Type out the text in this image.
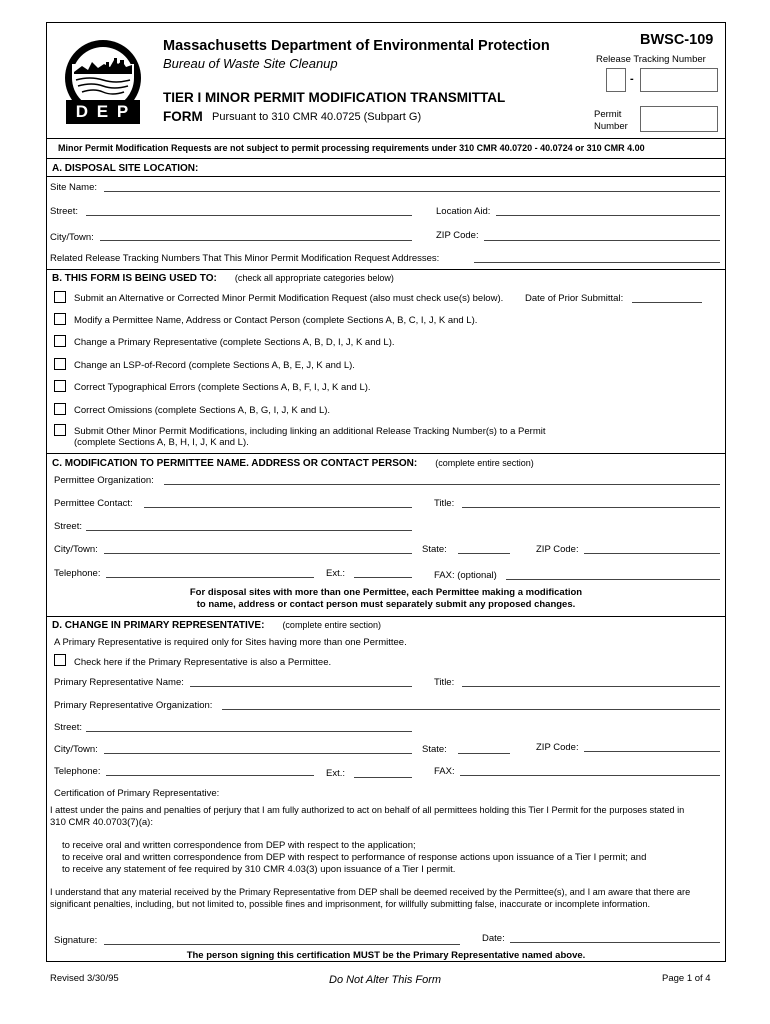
D E P
Massachusetts Department of Environmental Protection
Bureau of Waste Site Cleanup
TIER I MINOR PERMIT MODIFICATION TRANSMITTAL
FORM Pursuant to 310 CMR 40.0725 (Subpart G)
BWSC-109
Release Tracking Number
-
Permit
Number
Minor Permit Modification Requests are not subject to permit processing requirements under 310 CMR 40.0720 - 40.0724 or 310 CMR 4.00
A. DISPOSAL SITE LOCATION:
Site Name:
Street:	Location Aid:
City/Town:	ZIP Code:
Related Release Tracking Numbers That This Minor Permit Modification Request Addresses:
B. THIS FORM IS BEING USED TO: (check all appropriate categories below)
Submit an Alternative or Corrected Minor Permit Modification Request (also must check use(s) below). Date of Prior Submittal:
Modify a Permittee Name, Address or Contact Person (complete Sections A, B, C, I, J, K and L).
Change a Primary Representative (complete Sections A, B, D, I, J, K and L).
Change an LSP-of-Record (complete Sections A, B, E, J, K and L).
Correct Typographical Errors (complete Sections A, B, F, I, J, K and L).
Correct Omissions (complete Sections A, B, G, I, J, K and L).
Submit Other Minor Permit Modifications, including linking an additional Release Tracking Number(s) to a Permit
(complete Sections A, B, H, I, J, K and L).
C. MODIFICATION TO PERMITTEE NAME. ADDRESS OR CONTACT PERSON: (complete entire section)
Permittee Organization:
Permittee Contact:	Title:
Street:
City/Town:	State:	ZIP Code:
Telephone:	Ext.:	FAX: (optional)
For disposal sites with more than one Permittee, each Permittee making a modification
to name, address or contact person must separately submit any proposed changes.
D. CHANGE IN PRIMARY REPRESENTATIVE: (complete entire section)
A Primary Representative is required only for Sites having more than one Permittee.
Check here if the Primary Representative is also a Permittee.
Primary Representative Name:	Title:
Primary Representative Organization:
Street:
City/Town:	State:	ZIP Code:
Telephone:	Ext.:	FAX:
Certification of Primary Representative:
I attest under the pains and penalties of perjury that I am fully authorized to act on behalf of all permittees holding this Tier I Permit for the purposes stated in
310 CMR 40.0703(7)(a):
to receive oral and written correspondence from DEP with respect to the application;
to receive oral and written correspondence from DEP with respect to performance of response actions upon issuance of a Tier I permit; and
to receive any statement of fee required by 310 CMR 4.03(3) upon issuance of a Tier I permit.
I understand that any material received by the Primary Representative from DEP shall be deemed received by the Permittee(s), and I am aware that there are
significant penalties, including, but not limited to, possible fines and imprisonment, for willfully submitting false, inaccurate or incomplete information.
Signature:	Date:
The person signing this certification MUST be the Primary Representative named above.
Revised 3/30/95	Do Not Alter This Form	Page 1 of 4
